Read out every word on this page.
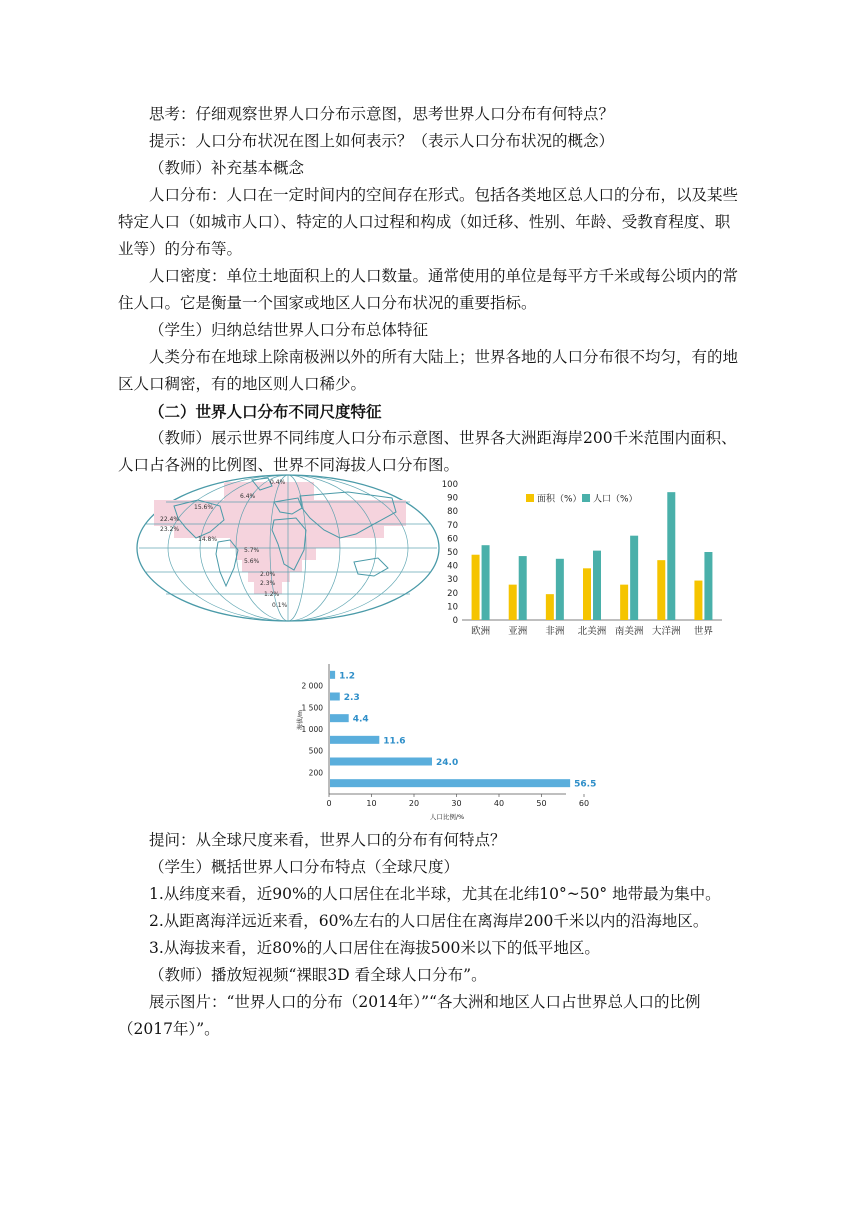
思考：仔细观察世界人口分布示意图，思考世界人口分布有何特点？

提示：人口分布状况在图上如何表示？（表示人口分布状况的概念）

（教师）补充基本概念

人口分布：人口在一定时间内的空间存在形式。包括各类地区总人口的分布，以及某些特定人口（如城市人口）、特定的人口过程和构成（如迁移、性别、年龄、受教育程度、职业等）的分布等。

人口密度：单位土地面积上的人口数量。通常使用的单位是每平方千米或每公顷内的常住人口。它是衡量一个国家或地区人口分布状况的重要指标。

（学生）归纳总结世界人口分布总体特征

人类分布在地球上除南极洲以外的所有大陆上；世界各地的人口分布很不均匀，有的地区人口稠密，有的地区则人口稀少。

（二）世界人口分布不同尺度特征

（教师）展示世界不同纬度人口分布示意图、世界各大洲距海岸200千米范围内面积、人口占各洲的比例图、世界不同海拔人口分布图。

0.4%
6.4%
15.6%
22.4%
23.2%
14.8%
5.7%
5.6%
2.0%
2.3%
1.2%
0.1%
0
10
20
30
40
50
60
70
80
90
100
欧洲 亚洲 非洲 北美洲 南美洲 大洋洲 世界
面积（%） 人口（%）
56.5
200
24.0
500
11.6
1 000
4.4
1 500
2.3
2 000
1.2
0	10	20	30	40	50	60
人口比例/%
海拔/m

提问：从全球尺度来看，世界人口的分布有何特点？

（学生）概括世界人口分布特点（全球尺度）

1.从纬度来看，近90%的人口居住在北半球，尤其在北纬10°~50° 地带最为集中。

2.从距离海洋远近来看，60%左右的人口居住在离海岸200千米以内的沿海地区。

3.从海拔来看，近80%的人口居住在海拔500米以下的低平地区。

（教师）播放短视频“裸眼3D 看全球人口分布”。

展示图片：“世界人口的分布（2014年）”“各大洲和地区人口占世界总人口的比例（2017年）”。
